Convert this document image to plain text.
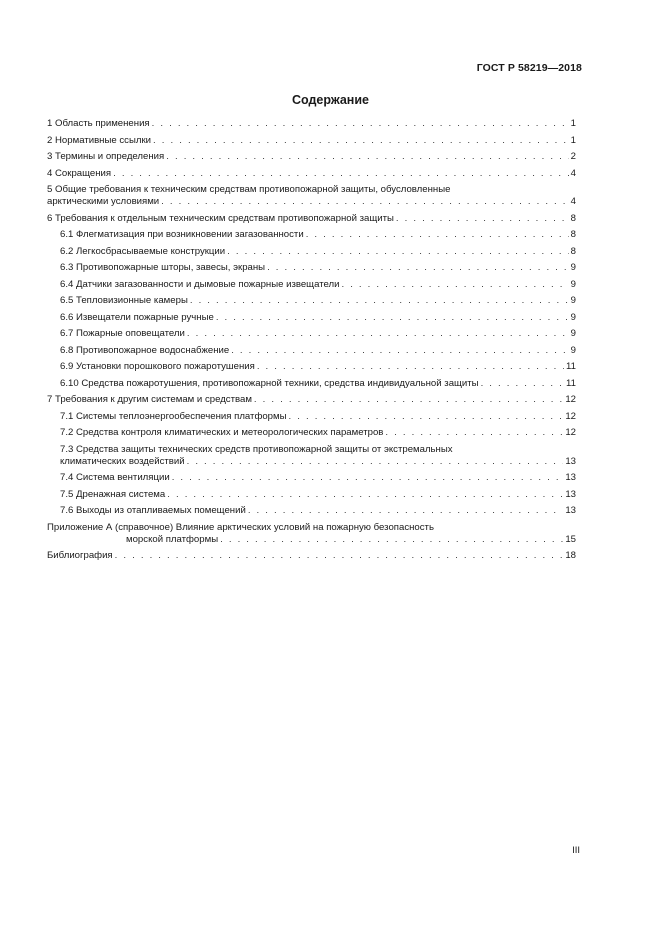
ГОСТ Р 58219—2018
Содержание
1 Область применения . . .	1
2 Нормативные ссылки . . .	1
3 Термины и определения . . .	2
4 Сокращения . . .	4
5 Общие требования к техническим средствам противопожарной защиты, обусловленные
арктическими условиями . . .	4
6 Требования к отдельным техническим средствам противопожарной защиты . . .	8
6.1 Флегматизация при возникновении загазованности . . .	8
6.2 Легкосбрасываемые конструкции . . .	8
6.3 Противопожарные шторы, завесы, экраны . . .	9
6.4 Датчики загазованности и дымовые пожарные извещатели . . .	9
6.5 Тепловизионные камеры . . .	9
6.6 Извещатели пожарные ручные . . .	9
6.7 Пожарные оповещатели . . .	9
6.8 Противопожарное водоснабжение . . .	9
6.9 Установки порошкового пожаротушения . . .	11
6.10 Средства пожаротушения, противопожарной техники, средства индивидуальной защиты . . .	11
7 Требования к другим системам и средствам . . .	12
7.1 Системы теплоэнергообеспечения платформы . . .	12
7.2 Средства контроля климатических и метеорологических параметров . . .	12
7.3 Средства защиты технических средств противопожарной защиты от экстремальных
климатических воздействий . . .	13
7.4 Система вентиляции . . .	13
7.5 Дренажная система . . .	13
7.6 Выходы из отапливаемых помещений . . .	13
Приложение А (справочное) Влияние арктических условий на пожарную безопасность
морской платформы . . .	15
Библиография . . .	18
III
